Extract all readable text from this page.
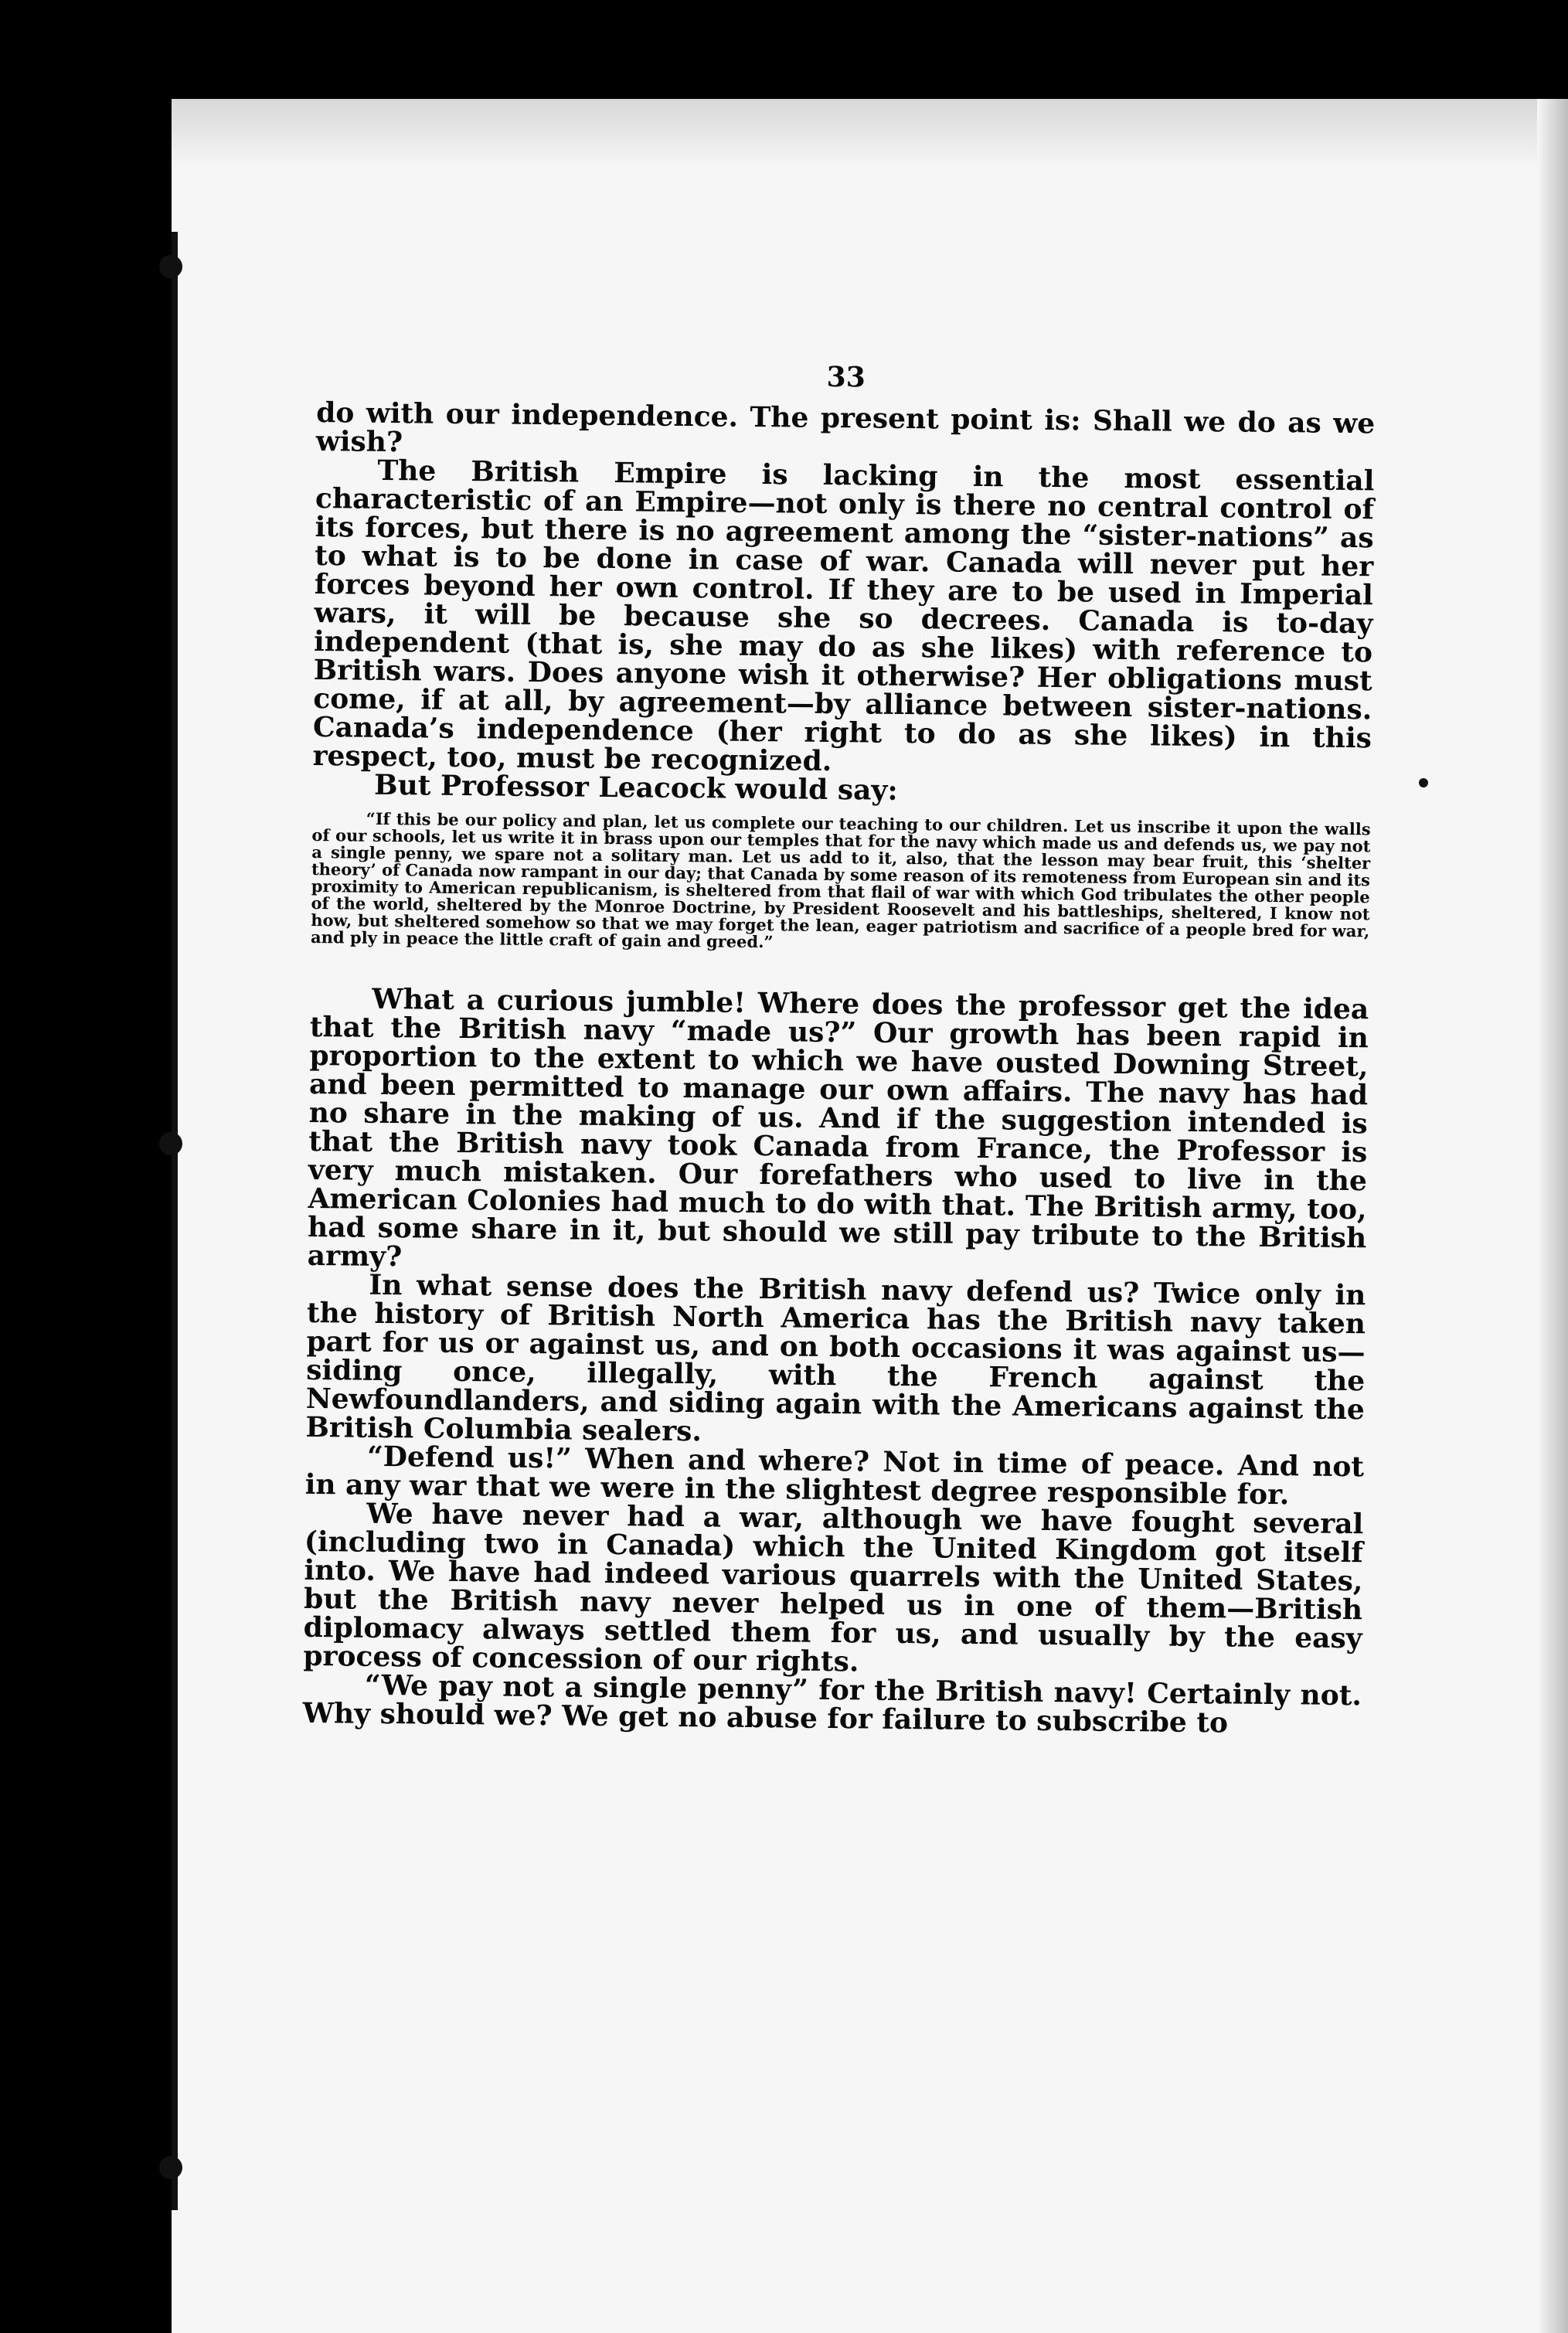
33

do with our independence. The present point is: Shall we do as we wish?

The British Empire is lacking in the most essential characteristic of an Empire—not only is there no central control of its forces, but there is no agreement among the “sister-nations” as to what is to be done in case of war. Canada will never put her forces beyond her own control. If they are to be used in Imperial wars, it will be because she so decrees. Canada is to-day independent (that is, she may do as she likes) with reference to British wars. Does anyone wish it otherwise? Her obligations must come, if at all, by agreement—by alliance between sister-nations. Canada’s independence (her right to do as she likes) in this respect, too, must be recognized.

But Professor Leacock would say:

“If this be our policy and plan, let us complete our teaching to our children. Let us inscribe it upon the walls of our schools, let us write it in brass upon our temples that for the navy which made us and defends us, we pay not a single penny, we spare not a solitary man. Let us add to it, also, that the lesson may bear fruit, this ‘shelter theory’ of Canada now rampant in our day; that Canada by some reason of its remoteness from European sin and its proximity to American republicanism, is sheltered from that flail of war with which God tribulates the other people of the world, sheltered by the Monroe Doctrine, by President Roosevelt and his battleships, sheltered, I know not how, but sheltered somehow so that we may forget the lean, eager patriotism and sacrifice of a people bred for war, and ply in peace the little craft of gain and greed.”

What a curious jumble! Where does the professor get the idea that the British navy “made us?” Our growth has been rapid in proportion to the extent to which we have ousted Downing Street, and been permitted to manage our own affairs. The navy has had no share in the making of us. And if the suggestion intended is that the British navy took Canada from France, the Professor is very much mistaken. Our forefathers who used to live in the American Colonies had much to do with that. The British army, too, had some share in it, but should we still pay tribute to the British army?

In what sense does the British navy defend us? Twice only in the history of British North America has the British navy taken part for us or against us, and on both occasions it was against us—siding once, illegally, with the French against the Newfoundlanders, and siding again with the Americans against the British Columbia sealers.

“Defend us!” When and where? Not in time of peace. And not in any war that we were in the slightest degree responsible for.

We have never had a war, although we have fought several (including two in Canada) which the United Kingdom got itself into. We have had indeed various quarrels with the United States, but the British navy never helped us in one of them—British diplomacy always settled them for us, and usually by the easy process of concession of our rights.

“We pay not a single penny” for the British navy! Certainly not. Why should we? We get no abuse for failure to subscribe to
